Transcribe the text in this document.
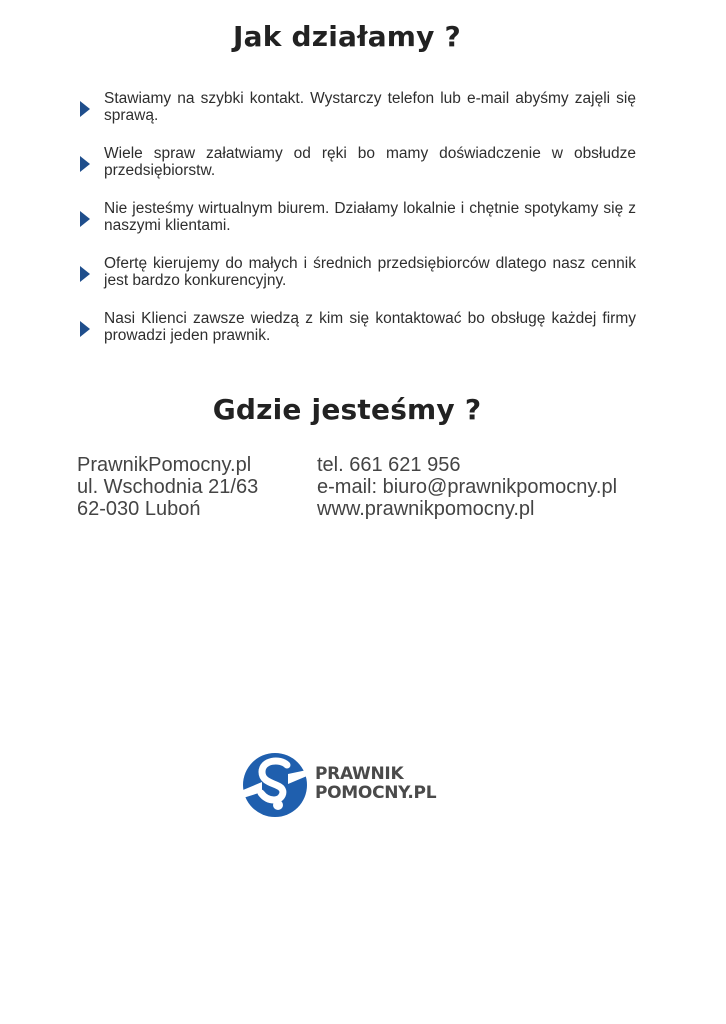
Jak działamy ?
Stawiamy na szybki kontakt. Wystarczy telefon lub e-mail abyśmy zajęli się sprawą.
Wiele spraw załatwiamy od ręki bo mamy doświadczenie w obsłudze przedsiębiorstw.
Nie jesteśmy wirtualnym biurem. Działamy lokalnie i chętnie spotykamy się z naszymi klientami.
Ofertę kierujemy do małych i średnich przedsiębiorców dlatego nasz cennik jest bardzo konkurencyjny.
Nasi Klienci zawsze wiedzą z kim się kontaktować bo obsługę każdej firmy prowadzi jeden prawnik.
Gdzie jesteśmy ?
PrawnikPomocny.pl
ul. Wschodnia 21/63
62-030 Luboń
tel. 661 621 956
e-mail: biuro@prawnikpomocny.pl
www.prawnikpomocny.pl
PRAWNIK
POMOCNY.PL
